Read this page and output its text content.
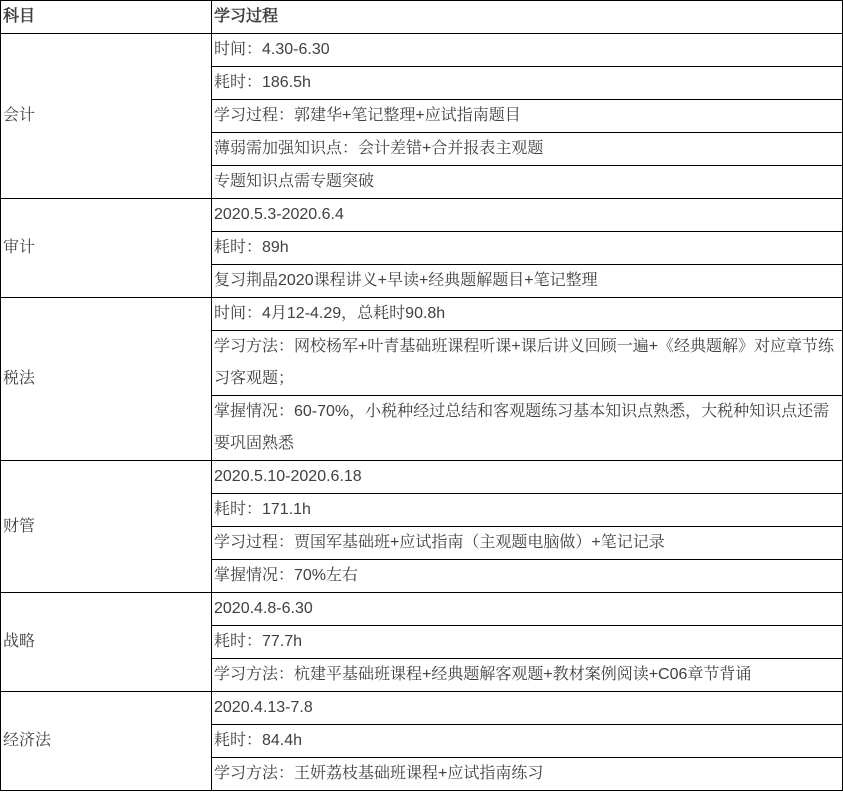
科目	学习过程
会计	时间：4.30-6.30
	耗时：186.5h
	学习过程：郭建华+笔记整理+应试指南题目
	薄弱需加强知识点：会计差错+合并报表主观题
	专题知识点需专题突破
审计	2020.5.3-2020.6.4
	耗时：89h
	复习荆晶2020课程讲义+早读+经典题解题目+笔记整理
税法	时间：4月12-4.29，总耗时90.8h
	学习方法：网校杨军+叶青基础班课程听课+课后讲义回顾一遍+《经典题解》对应章节练习客观题；
	掌握情况：60-70%，小税种经过总结和客观题练习基本知识点熟悉，大税种知识点还需要巩固熟悉
财管	2020.5.10-2020.6.18
	耗时：171.1h
	学习过程：贾国军基础班+应试指南（主观题电脑做）+笔记记录
	掌握情况：70%左右
战略	2020.4.8-6.30
	耗时：77.7h
	学习方法：杭建平基础班课程+经典题解客观题+教材案例阅读+C06章节背诵
经济法	2020.4.13-7.8
	耗时：84.4h
	学习方法：王妍荔枝基础班课程+应试指南练习
